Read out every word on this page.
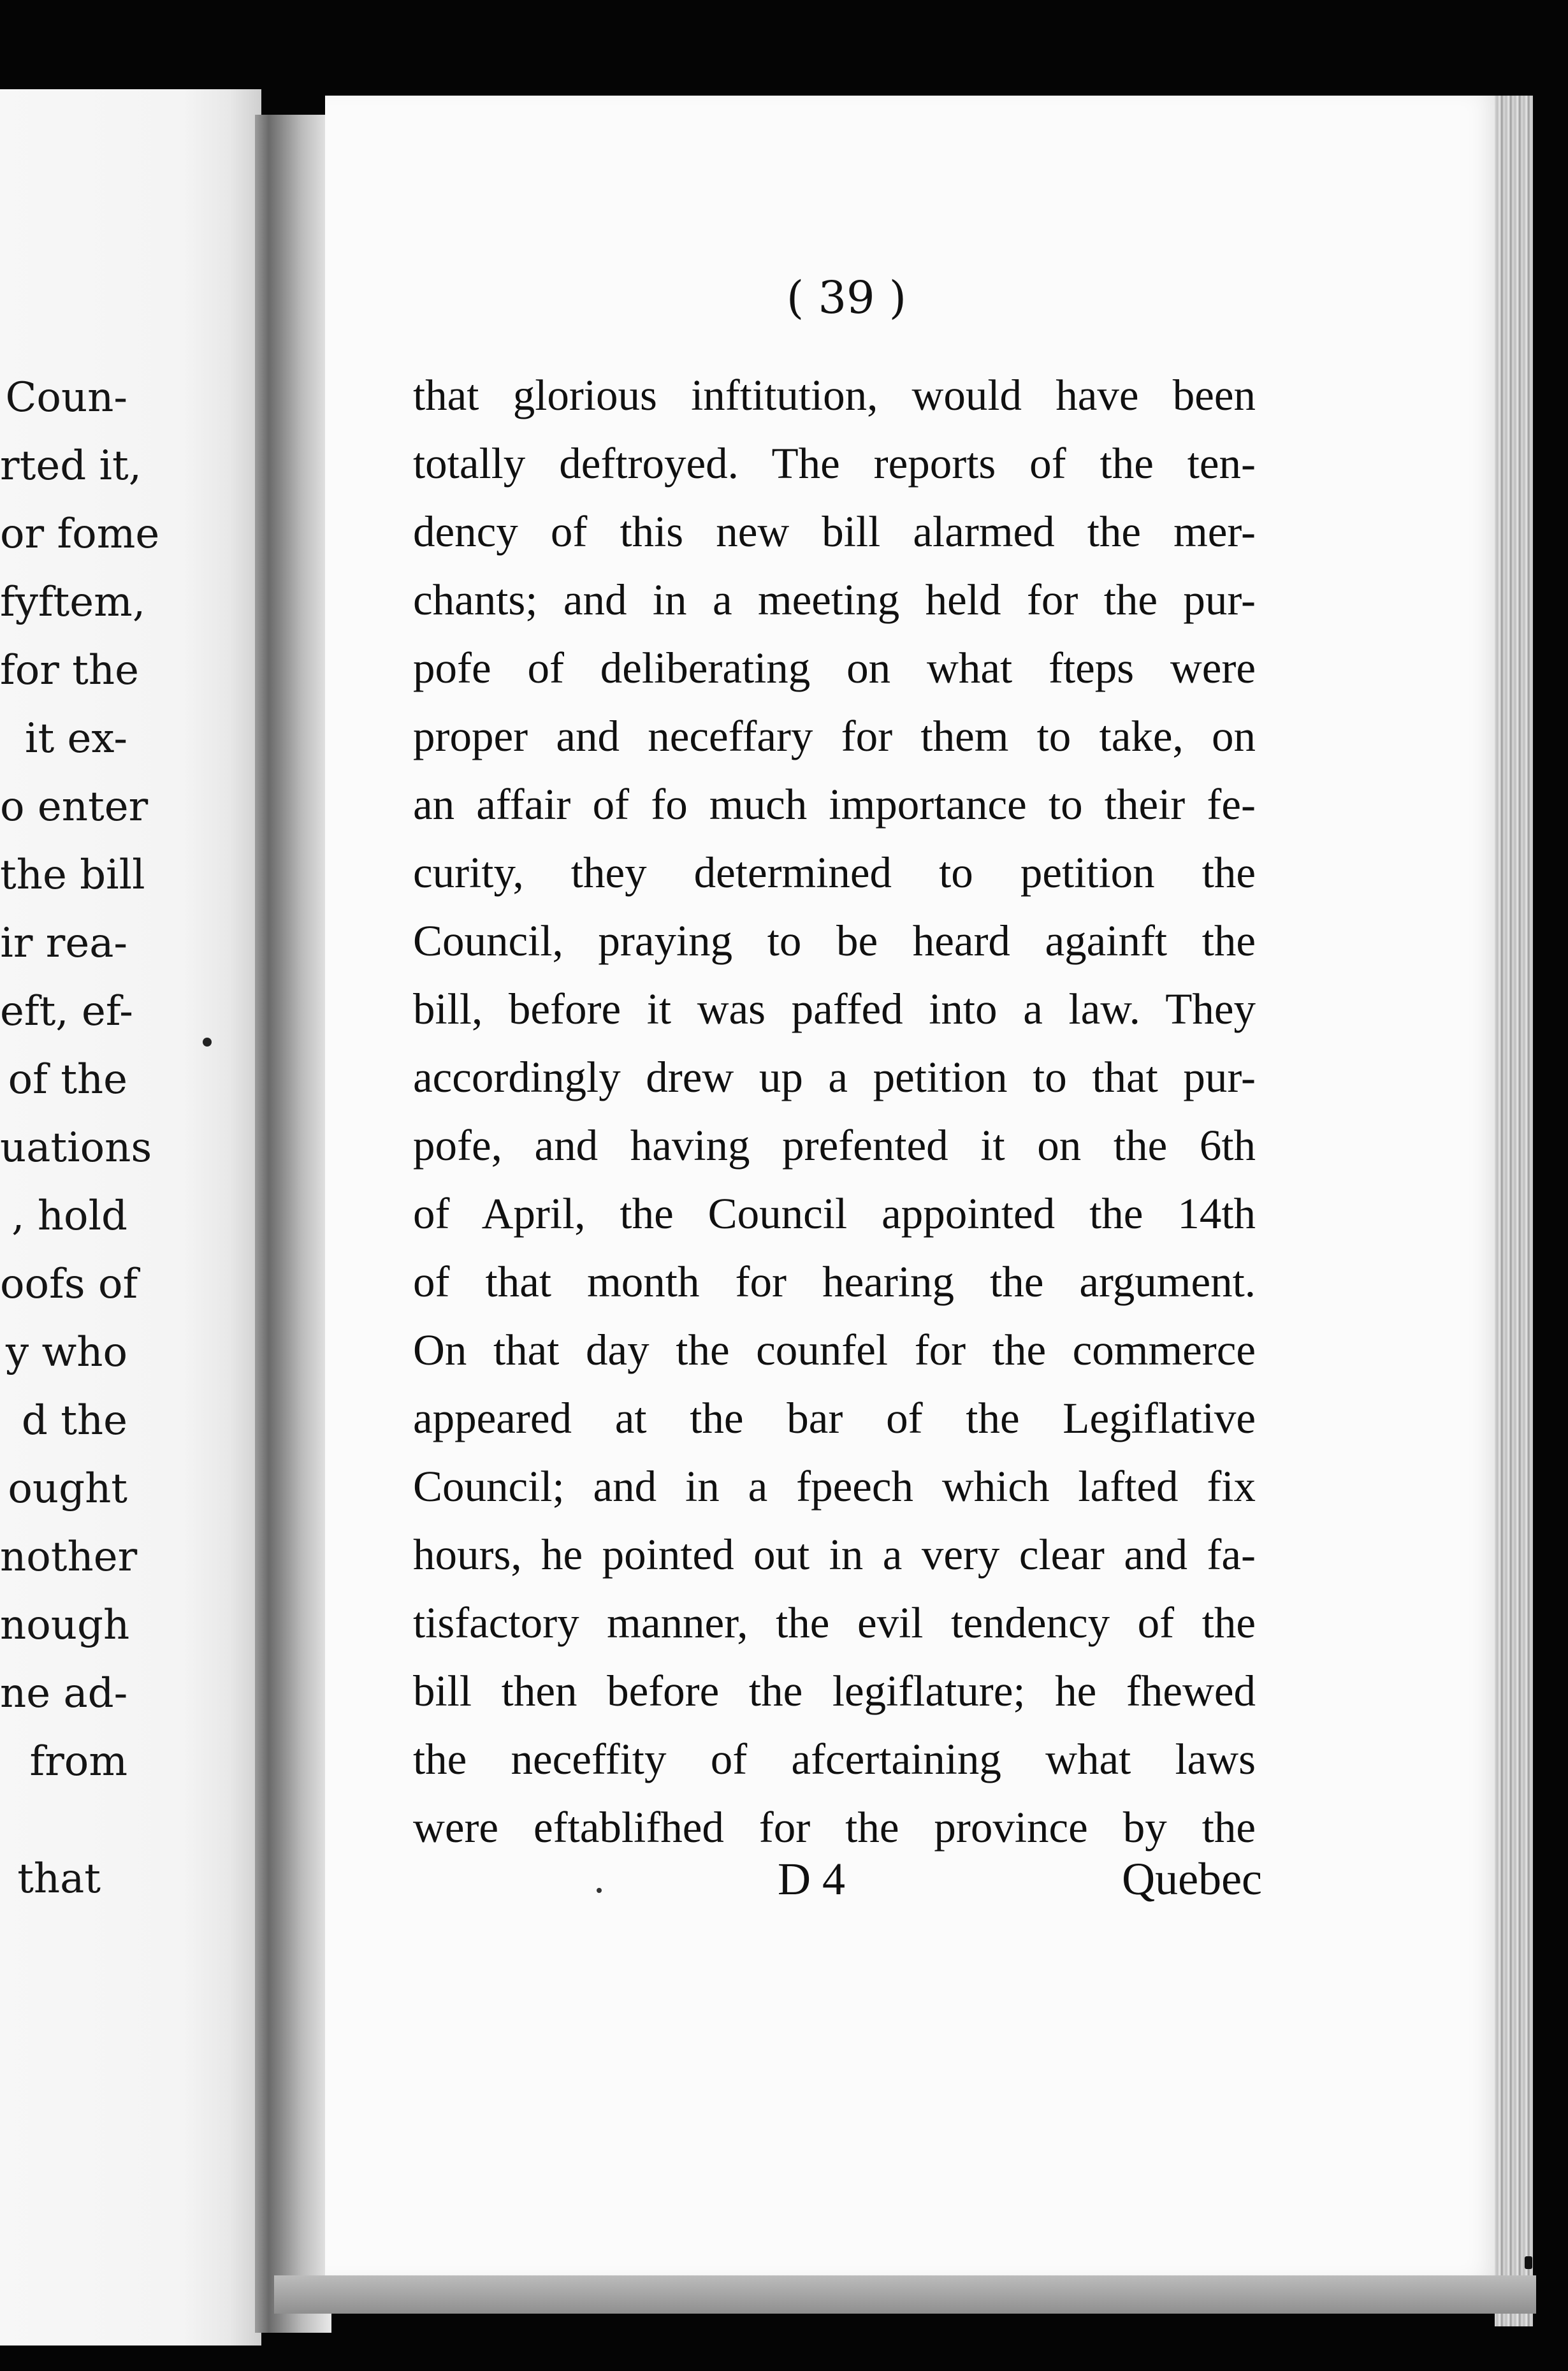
Coun-
rted it,
or fome
fyftem,
for the
it ex-
o enter
the bill
ir rea-
eft, ef-
of the
uations
, hold
oofs of
y who
d the
ought
nother
nough
ne ad-
from
that
( 39 )
that glorious inftitution, would have been
totally deftroyed. The reports of the ten-
dency of this new bill alarmed the mer-
chants; and in a meeting held for the pur-
pofe of deliberating on what fteps were
proper and neceffary for them to take, on
an affair of fo much importance to their fe-
curity, they determined to petition the
Council, praying to be heard againft the
bill, before it was paffed into a law. They
accordingly drew up a petition to that pur-
pofe, and having prefented it on the 6th
of April, the Council appointed the 14th
of that month for hearing the argument.
On that day the counfel for the commerce
appeared at the bar of the Legiflative
Council; and in a fpeech which lafted fix
hours, he pointed out in a very clear and fa-
tisfactory manner, the evil tendency of the
bill then before the legiflature; he fhewed
the neceffity of afcertaining what laws
were eftablifhed for the province by the
D 4	Quebec
